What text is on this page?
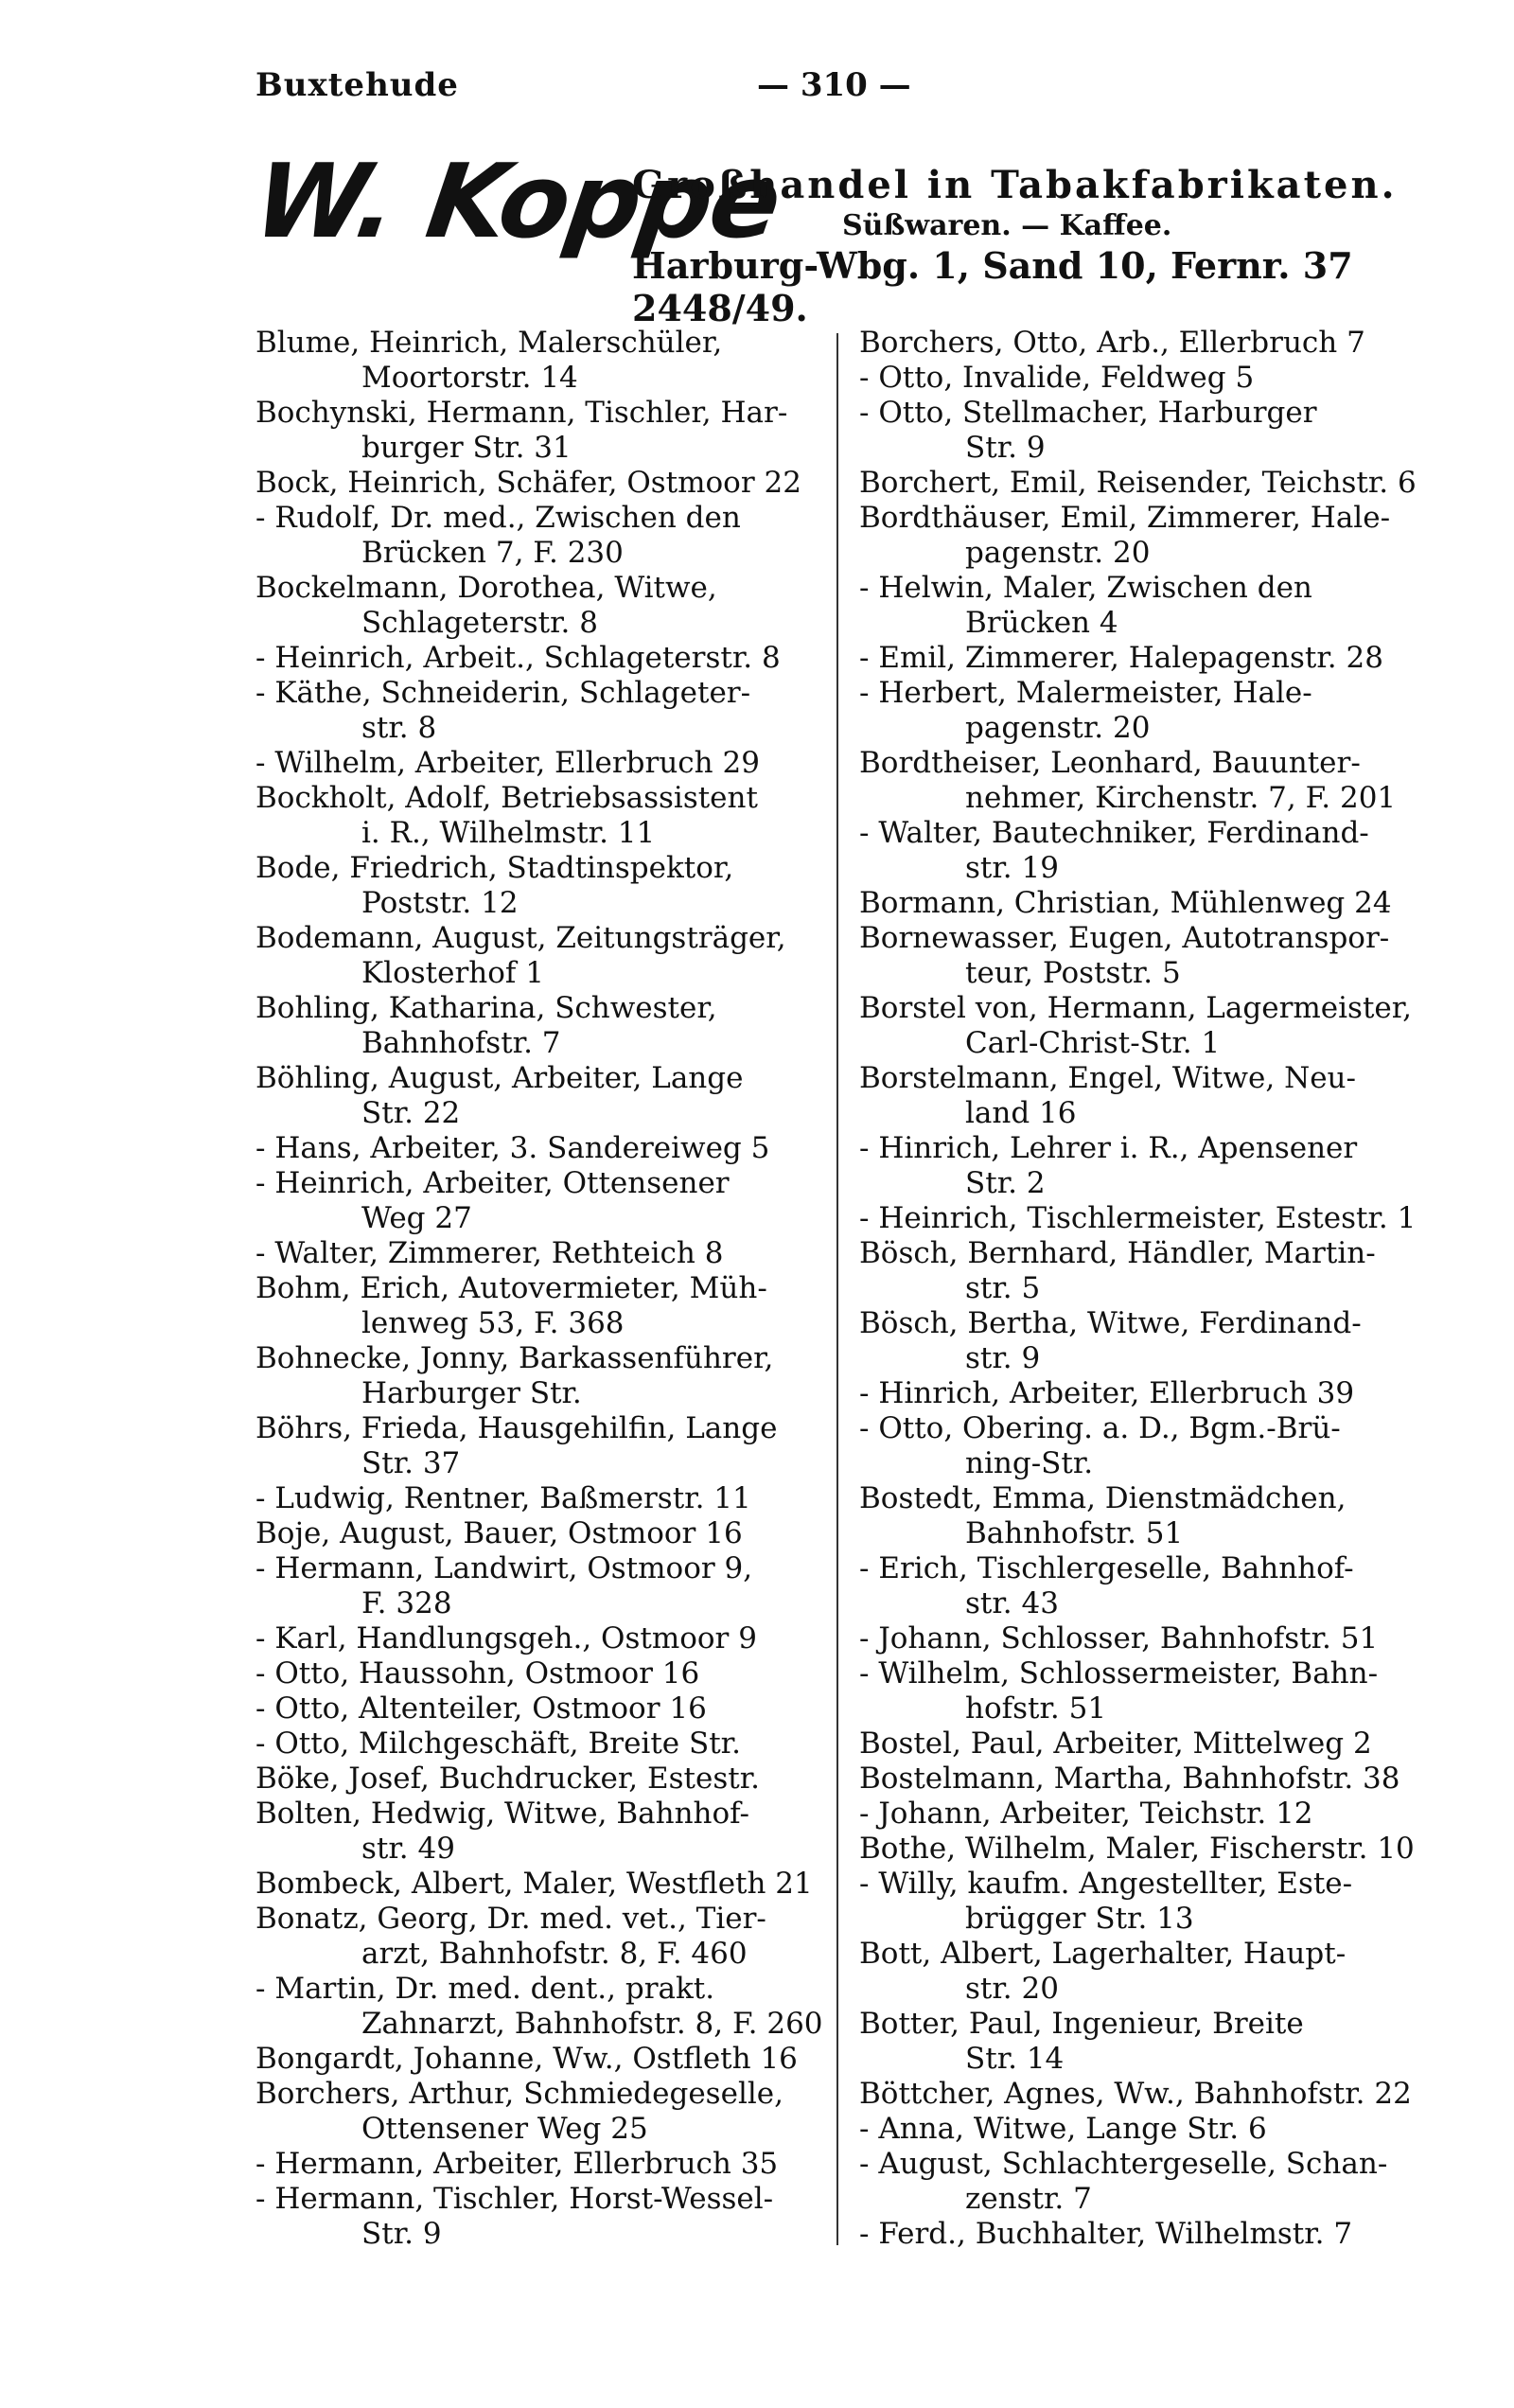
Buxtehude	— 310 —
W. Koppe
Großhandel in Tabakfabrikaten.
Süßwaren. — Kaffee.
Harburg-Wbg. 1, Sand 10, Fernr. 37 2448/49.
Blume, Heinrich, Malerschüler,
Moortorstr. 14
Bochynski, Hermann, Tischler, Har-
burger Str. 31
Bock, Heinrich, Schäfer, Ostmoor 22
- Rudolf, Dr. med., Zwischen den
Brücken 7, F. 230
Bockelmann, Dorothea, Witwe,
Schlageterstr. 8
- Heinrich, Arbeit., Schlageterstr. 8
- Käthe, Schneiderin, Schlageter-
str. 8
- Wilhelm, Arbeiter, Ellerbruch 29
Bockholt, Adolf, Betriebsassistent
i. R., Wilhelmstr. 11
Bode, Friedrich, Stadtinspektor,
Poststr. 12
Bodemann, August, Zeitungsträger,
Klosterhof 1
Bohling, Katharina, Schwester,
Bahnhofstr. 7
Böhling, August, Arbeiter, Lange
Str. 22
- Hans, Arbeiter, 3. Sandereiweg 5
- Heinrich, Arbeiter, Ottensener
Weg 27
- Walter, Zimmerer, Rethteich 8
Bohm, Erich, Autovermieter, Müh-
lenweg 53, F. 368
Bohnecke, Jonny, Barkassenführer,
Harburger Str.
Böhrs, Frieda, Hausgehilfin, Lange
Str. 37
- Ludwig, Rentner, Baßmerstr. 11
Boje, August, Bauer, Ostmoor 16
- Hermann, Landwirt, Ostmoor 9,
F. 328
- Karl, Handlungsgeh., Ostmoor 9
- Otto, Haussohn, Ostmoor 16
- Otto, Altenteiler, Ostmoor 16
- Otto, Milchgeschäft, Breite Str.
Böke, Josef, Buchdrucker, Estestr.
Bolten, Hedwig, Witwe, Bahnhof-
str. 49
Bombeck, Albert, Maler, Westfleth 21
Bonatz, Georg, Dr. med. vet., Tier-
arzt, Bahnhofstr. 8, F. 460
- Martin, Dr. med. dent., prakt.
Zahnarzt, Bahnhofstr. 8, F. 260
Bongardt, Johanne, Ww., Ostfleth 16
Borchers, Arthur, Schmiedegeselle,
Ottensener Weg 25
- Hermann, Arbeiter, Ellerbruch 35
- Hermann, Tischler, Horst-Wessel-
Str. 9
Borchers, Otto, Arb., Ellerbruch 7
- Otto, Invalide, Feldweg 5
- Otto, Stellmacher, Harburger
Str. 9
Borchert, Emil, Reisender, Teichstr. 6
Bordthäuser, Emil, Zimmerer, Hale-
pagenstr. 20
- Helwin, Maler, Zwischen den
Brücken 4
- Emil, Zimmerer, Halepagenstr. 28
- Herbert, Malermeister, Hale-
pagenstr. 20
Bordtheiser, Leonhard, Bauunter-
nehmer, Kirchenstr. 7, F. 201
- Walter, Bautechniker, Ferdinand-
str. 19
Bormann, Christian, Mühlenweg 24
Bornewasser, Eugen, Autotranspor-
teur, Poststr. 5
Borstel von, Hermann, Lagermeister,
Carl-Christ-Str. 1
Borstelmann, Engel, Witwe, Neu-
land 16
- Hinrich, Lehrer i. R., Apensener
Str. 2
- Heinrich, Tischlermeister, Estestr. 1
Bösch, Bernhard, Händler, Martin-
str. 5
Bösch, Bertha, Witwe, Ferdinand-
str. 9
- Hinrich, Arbeiter, Ellerbruch 39
- Otto, Obering. a. D., Bgm.-Brü-
ning-Str.
Bostedt, Emma, Dienstmädchen,
Bahnhofstr. 51
- Erich, Tischlergeselle, Bahnhof-
str. 43
- Johann, Schlosser, Bahnhofstr. 51
- Wilhelm, Schlossermeister, Bahn-
hofstr. 51
Bostel, Paul, Arbeiter, Mittelweg 2
Bostelmann, Martha, Bahnhofstr. 38
- Johann, Arbeiter, Teichstr. 12
Bothe, Wilhelm, Maler, Fischerstr. 10
- Willy, kaufm. Angestellter, Este-
brügger Str. 13
Bott, Albert, Lagerhalter, Haupt-
str. 20
Botter, Paul, Ingenieur, Breite
Str. 14
Böttcher, Agnes, Ww., Bahnhofstr. 22
- Anna, Witwe, Lange Str. 6
- August, Schlachtergeselle, Schan-
zenstr. 7
- Ferd., Buchhalter, Wilhelmstr. 7
